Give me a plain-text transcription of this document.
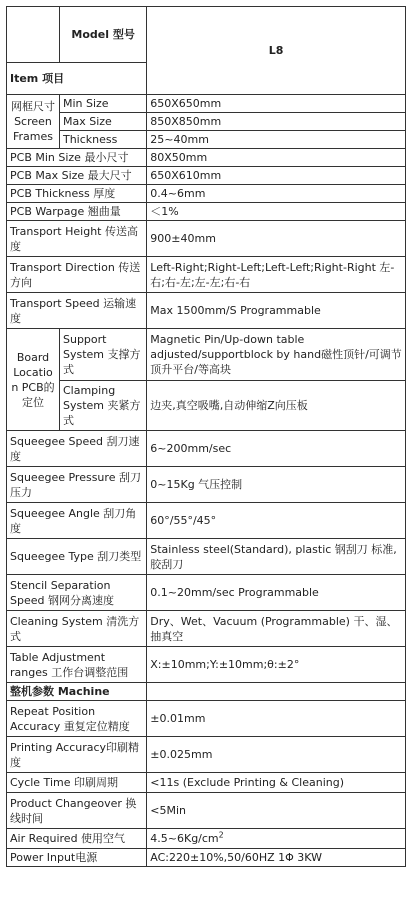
	Model 型号	L8
Item 项目		
网框尺寸 Screen Frames	Min Size	650X650mm
	Max Size	850X850mm
	Thickness	25~40mm
PCB Min Size 最小尺寸		80X50mm
PCB Max Size 最大尺寸		650X610mm
PCB Thickness 厚度		0.4~6mm
PCB Warpage 翘曲量		＜1%
Transport Height 传送高度		900±40mm
Transport Direction 传送方向		Left-Right;Right-Left;Left-Left;Right-Right 左-右;右-左;左-左;右-右
Transport Speed 运输速度		Max 1500mm/S Programmable
Board Location PCB的定位	Support System 支撑方式	Magnetic Pin/Up-down table adjusted/supportblock by hand磁性顶针/可调节顶升平台/等高块
	Clamping System 夹紧方式	边夹,真空吸嘴,自动伸缩Z向压板
Squeegee Speed 刮刀速度		6~200mm/sec
Squeegee Pressure 刮刀压力		0~15Kg 气压控制
Squeegee Angle 刮刀角度		60°/55°/45°
Squeegee Type 刮刀类型		Stainless steel(Standard), plastic 钢刮刀 标准,胶刮刀
Stencil Separation Speed 钢网分离速度		0.1~20mm/sec Programmable
Cleaning System 清洗方式		Dry、Wet、Vacuum (Programmable) 干、湿、抽真空
Table Adjustment ranges 工作台调整范围		X:±10mm;Y:±10mm;θ:±2°
整机参数 Machine		
Repeat Position Accuracy 重复定位精度		±0.01mm
Printing Accuracy印刷精度		±0.025mm
Cycle Time 印刷周期		<11s (Exclude Printing & Cleaning)
Product Changeover 换线时间		<5Min
Air Required 使用空气		$4.5\sim 6Kg/cm^2$
Power Input电源		AC:220±10%,50/60HZ 1Φ 3KW
